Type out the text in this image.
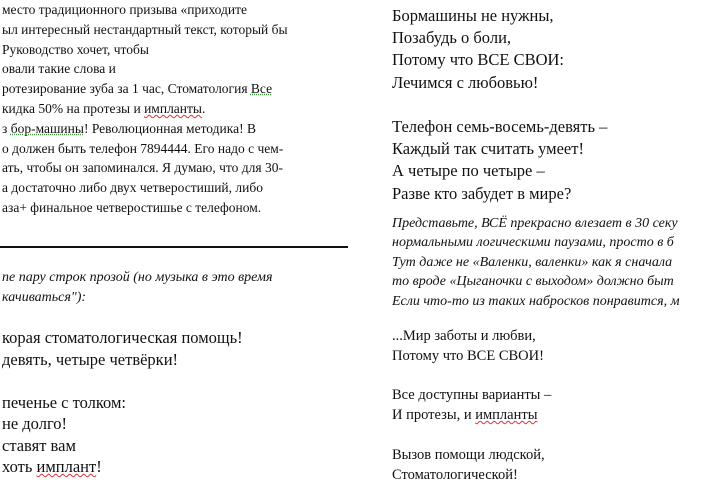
место традиционного призыва «приходите
ыл интересный нестандартный текст, который бы
Руководство хочет, чтобы
овали такие слова и
ротезирование зуба за 1 час, Стоматология Все
кидка 50% на протезы и импланты.
з бор-машины! Революционная методика! В
о должен быть телефон 7894444. Его надо с чем-
ать, чтобы он запоминался. Я думаю, что для 30-
а достаточно либо двух четверостиший, либо
аза+ финальное четверостишье с телефоном.
пе пару строк прозой (но музыка в это время
качиваться"):
корая стоматологическая помощь!
девять, четыре четвёрки!
печенье с толком:
не долго!
ставят вам
хоть имплант!
Бормашины не нужны,
Позабудь о боли,
Потому что ВСЕ СВОИ:
Лечимся с любовью!
Телефон семь-восемь-девять –
Каждый так считать умеет!
А четыре по четыре –
Разве кто забудет в мире?
Представьте, ВСЁ прекрасно влезает в 30 секу
нормальными логическими паузами, просто в б
Тут даже не «Валенки, валенки» как я сначала
то вроде «Цыганочки с выходом» должно быт
Если что-то из таких набросков понравится, м
...Мир заботы и любви,
Потому что ВСЕ СВОИ!
Все доступны варианты –
И протезы, и импланты
Вызов помощи людской,
Стоматологической!
